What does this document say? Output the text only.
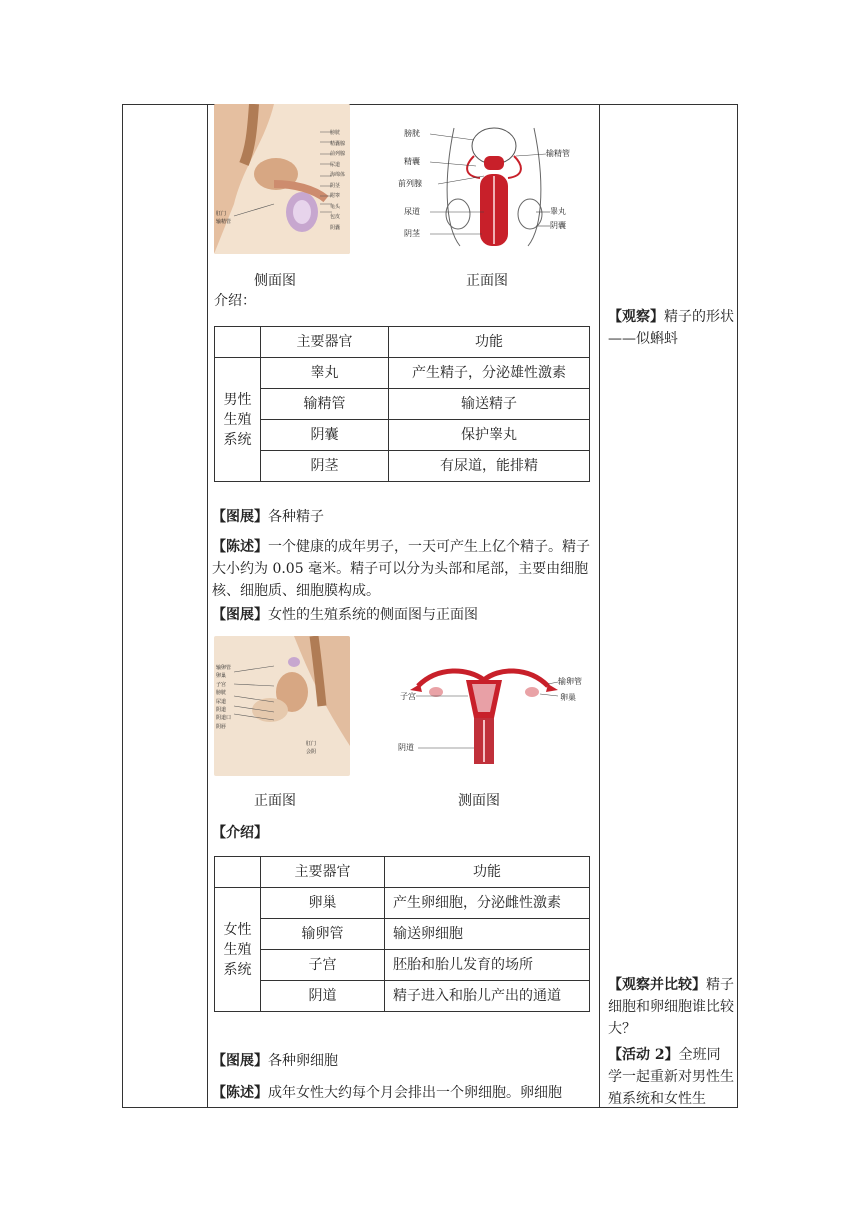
膀胱
精囊腺
前列腺
尿道
海绵体
阴茎
附睾
龟头
包皮
阴囊
肛门
输精管
膀胱
精囊
前列腺
尿道
阴茎
输精管
睾丸
阴囊
侧面图	正面图
介绍：
	主要器官	功能
男性
生殖
系统	睾丸	产生精子，分泌雄性激素
	输精管	输送精子
	阴囊	保护睾丸
	阴茎	有尿道，能排精
【图展】各种精子
【陈述】一个健康的成年男子，一天可产生上亿个精子。精子大小约为 0.05 毫米。精子可以分为头部和尾部，主要由细胞核、细胞质、细胞膜构成。
【图展】女性的生殖系统的侧面图与正面图
输卵管
卵巢
子宫
膀胱
尿道
阴道
阴道口
阴唇
肛门
会阴
子宫
输卵管
卵巢
阴道
正面图	测面图
【介绍】
	主要器官	功能
女性
生殖
系统	卵巢	产生卵细胞，分泌雌性激素
	输卵管	输送卵细胞
	子宫	胚胎和胎儿发育的场所
	阴道	精子进入和胎儿产出的通道
【图展】各种卵细胞
【陈述】成年女性大约每个月会排出一个卵细胞。卵细胞
【观察】精子的形状——似蝌蚪
【观察并比较】精子细胞和卵细胞谁比较大？
【活动 2】全班同学一起重新对男性生殖系统和女性生
